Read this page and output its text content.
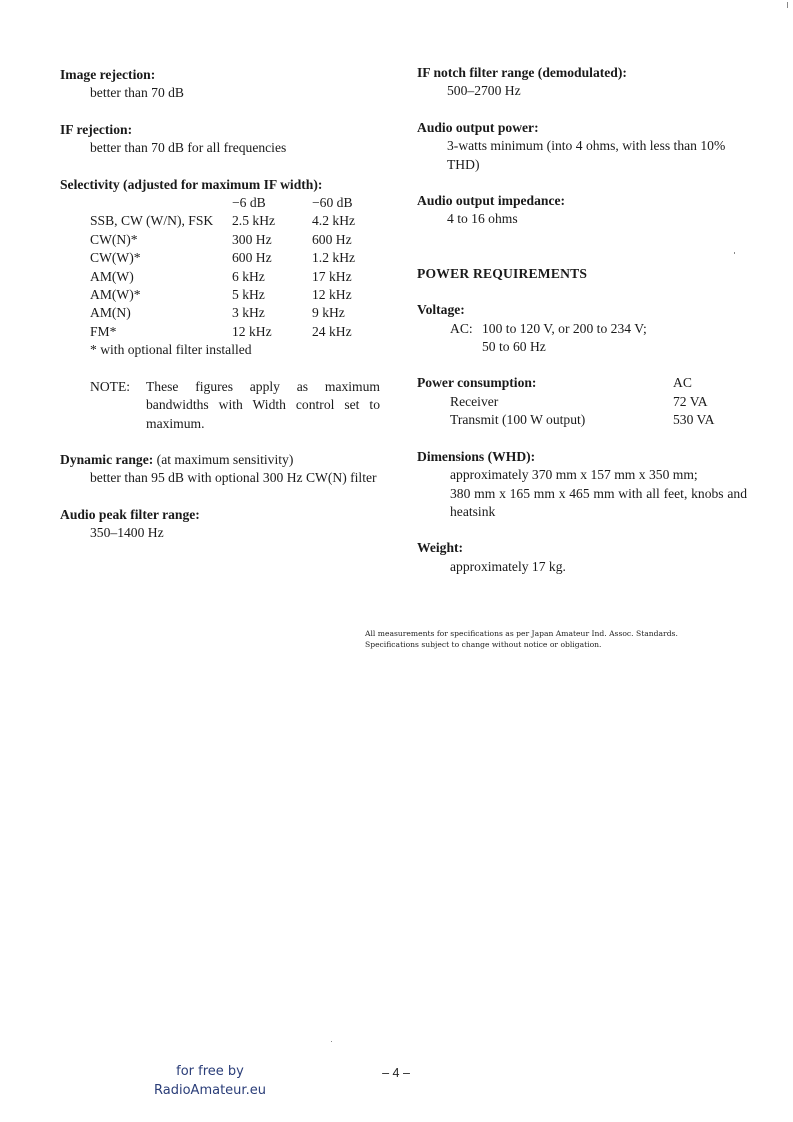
Image rejection:
better than 70 dB
IF rejection:
better than 70 dB for all frequencies
Selectivity (adjusted for maximum IF width):
	−6 dB	−60 dB
SSB, CW (W/N), FSK	2.5 kHz	4.2 kHz
CW(N)*	300 Hz	600 Hz
CW(W)*	600 Hz	1.2 kHz
AM(W)	6 kHz	17 kHz
AM(W)*	5 kHz	12 kHz
AM(N)	3 kHz	9 kHz
FM*	12 kHz	24 kHz
* with optional filter installed
NOTE:	These figures apply as maximum bandwidths with Width control set to maximum.
Dynamic range: (at maximum sensitivity)
better than 95 dB with optional 300 Hz CW(N) filter
Audio peak filter range:
350–1400 Hz
IF notch filter range (demodulated):
500–2700 Hz
Audio output power:
3-watts minimum (into 4 ohms, with less than 10% THD)
Audio output impedance:
4 to 16 ohms
POWER REQUIREMENTS
Voltage:
AC: 100 to 120 V, or 200 to 234 V;
50 to 60 Hz
Power consumption:	AC
Receiver	72 VA
Transmit (100 W output)	530 VA
Dimensions (WHD):
approximately 370 mm x 157 mm x 350 mm;
380 mm x 165 mm x 465 mm with all feet, knobs and heatsink
Weight:
approximately 17 kg.
All measurements for specifications as per Japan Amateur Ind. Assoc. Standards.
Specifications subject to change without notice or obligation.
for free by
RadioAmateur.eu
– 4 –
